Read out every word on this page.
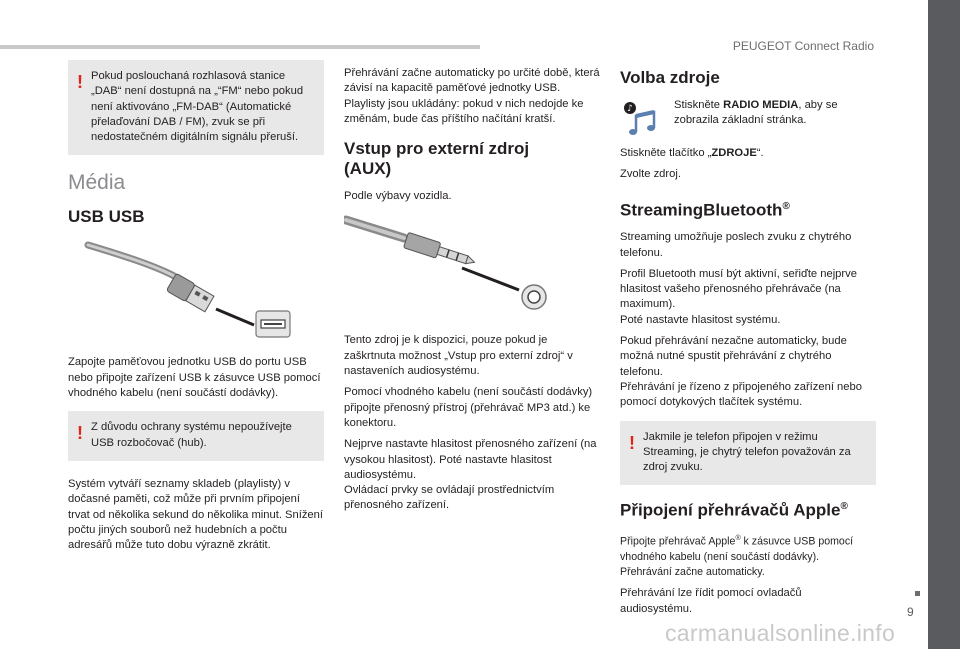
PEUGEOT Connect Radio
9
carmanualsonline.info
! Pokud poslouchaná rozhlasová stanice „DAB“ není dostupná na „“FM“ nebo pokud není aktivováno „FM-DAB“ (Automatické přelaďování DAB / FM), zvuk se při nedostatečném digitálním signálu přeruší.

Média
USB USB

Zapojte paměťovou jednotku USB do portu USB nebo připojte zařízení USB k zásuvce USB pomocí vhodného kabelu (není součástí dodávky).

! Z důvodu ochrany systému nepoužívejte USB rozbočovač (hub).

Systém vytváří seznamy skladeb (playlisty) v dočasné paměti, což může při prvním připojení trvat od několika sekund do několika minut. Snížení počtu jiných souborů než hudebních a počtu adresářů může tuto dobu výrazně zkrátit.

Přehrávání začne automaticky po určité době, která závisí na kapacitě paměťové jednotky USB. Playlisty jsou ukládány: pokud v nich nedojde ke změnám, bude čas příštího načítání kratší.

Vstup pro externí zdroj
(AUX)

Podle výbavy vozidla.

Tento zdroj je k dispozici, pouze pokud je zaškrtnuta možnost „Vstup pro externí zdroj“ v nastaveních audiosystému.

Pomocí vhodného kabelu (není součástí dodávky) připojte přenosný přístroj (přehrávač MP3 atd.) ke konektoru.

Nejprve nastavte hlasitost přenosného zařízení (na vysokou hlasitost). Poté nastavte hlasitost audiosystému.
Ovládací prvky se ovládají prostřednictvím přenosného zařízení.

Volba zdroje
♪	Stiskněte RADIO MEDIA, aby se zobrazila základní stránka.

Stiskněte tlačítko „ZDROJE“.

Zvolte zdroj.

StreamingBluetooth®

Streaming umožňuje poslech zvuku z chytrého telefonu.

Profil Bluetooth musí být aktivní, seřiďte nejprve hlasitost vašeho přenosného přehrávače (na maximum).
Poté nastavte hlasitost systému.

Pokud přehrávání nezačne automaticky, bude možná nutné spustit přehrávání z chytrého telefonu.
Přehrávání je řízeno z připojeného zařízení nebo pomocí dotykových tlačítek systému.

! Jakmile je telefon připojen v režimu Streaming, je chytrý telefon považován za zdroj zvuku.

Připojení přehrávačů Apple®

Připojte přehrávač Apple® k zásuvce USB pomocí vhodného kabelu (není součástí dodávky).
Přehrávání začne automaticky.

Přehrávání lze řídit pomocí ovladačů audiosystému.
